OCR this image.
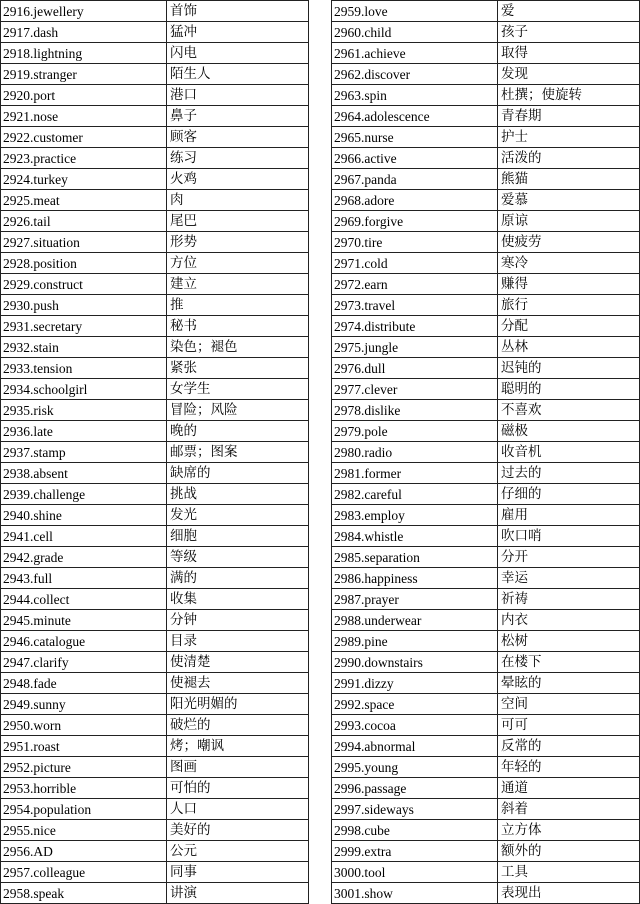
2916.jewellery	首饰
2917.dash	猛冲
2918.lightning	闪电
2919.stranger	陌生人
2920.port	港口
2921.nose	鼻子
2922.customer	顾客
2923.practice	练习
2924.turkey	火鸡
2925.meat	肉
2926.tail	尾巴
2927.situation	形势
2928.position	方位
2929.construct	建立
2930.push	推
2931.secretary	秘书
2932.stain	染色；褪色
2933.tension	紧张
2934.schoolgirl	女学生
2935.risk	冒险；风险
2936.late	晚的
2937.stamp	邮票；图案
2938.absent	缺席的
2939.challenge	挑战
2940.shine	发光
2941.cell	细胞
2942.grade	等级
2943.full	满的
2944.collect	收集
2945.minute	分钟
2946.catalogue	目录
2947.clarify	使清楚
2948.fade	使褪去
2949.sunny	阳光明媚的
2950.worn	破烂的
2951.roast	烤；嘲讽
2952.picture	图画
2953.horrible	可怕的
2954.population	人口
2955.nice	美好的
2956.AD	公元
2957.colleague	同事
2958.speak	讲演
2959.love	爱
2960.child	孩子
2961.achieve	取得
2962.discover	发现
2963.spin	杜撰；使旋转
2964.adolescence	青春期
2965.nurse	护士
2966.active	活泼的
2967.panda	熊猫
2968.adore	爱慕
2969.forgive	原谅
2970.tire	使疲劳
2971.cold	寒冷
2972.earn	赚得
2973.travel	旅行
2974.distribute	分配
2975.jungle	丛林
2976.dull	迟钝的
2977.clever	聪明的
2978.dislike	不喜欢
2979.pole	磁极
2980.radio	收音机
2981.former	过去的
2982.careful	仔细的
2983.employ	雇用
2984.whistle	吹口哨
2985.separation	分开
2986.happiness	幸运
2987.prayer	祈祷
2988.underwear	内衣
2989.pine	松树
2990.downstairs	在楼下
2991.dizzy	晕眩的
2992.space	空间
2993.cocoa	可可
2994.abnormal	反常的
2995.young	年轻的
2996.passage	通道
2997.sideways	斜着
2998.cube	立方体
2999.extra	额外的
3000.tool	工具
3001.show	表现出
